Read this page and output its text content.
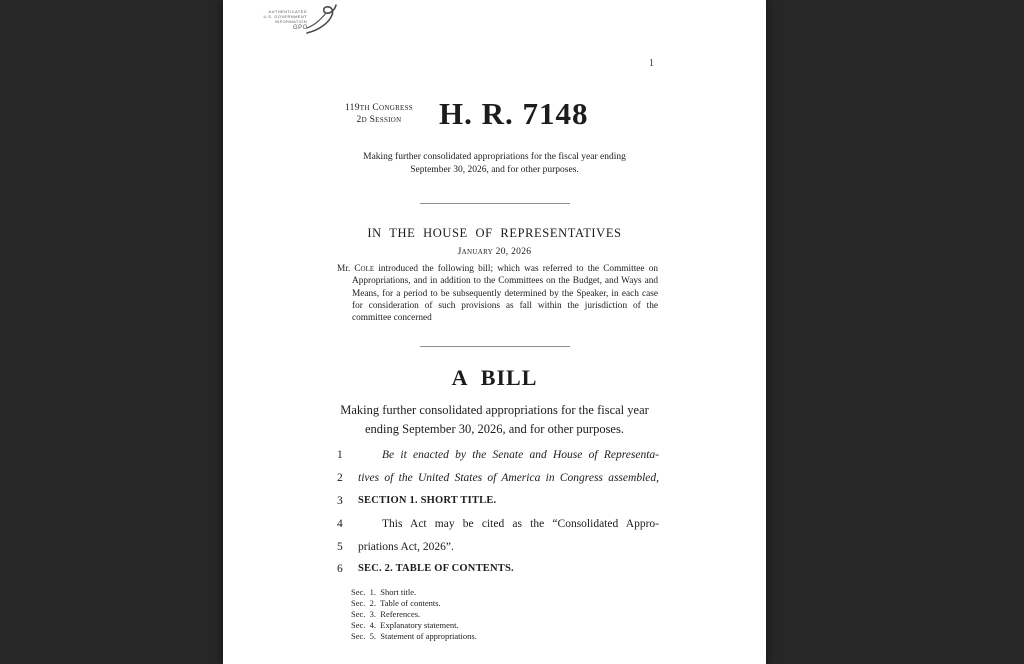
AUTHENTICATED
U.S. GOVERNMENT
INFORMATION
GPO
1
119th Congress
2d Session	H. R. 7148
Making further consolidated appropriations for the fiscal year ending September 30, 2026, and for other purposes.
IN THE HOUSE OF REPRESENTATIVES
January 20, 2026
Mr. Cole introduced the following bill; which was referred to the Committee on Appropriations, and in addition to the Committees on the Budget, and Ways and Means, for a period to be subsequently determined by the Speaker, in each case for consideration of such provisions as fall within the jurisdiction of the committee concerned
A BILL
Making further consolidated appropriations for the fiscal year ending September 30, 2026, and for other purposes.
1	Be it enacted by the Senate and House of Representa-
2	tives of the United States of America in Congress assembled,
3	SECTION 1. SHORT TITLE.
4	This Act may be cited as the “Consolidated Appro-
5	priations Act, 2026”.
6	SEC. 2. TABLE OF CONTENTS.
Sec.  1.  Short title.
Sec.  2.  Table of contents.
Sec.  3.  References.
Sec.  4.  Explanatory statement.
Sec.  5.  Statement of appropriations.
